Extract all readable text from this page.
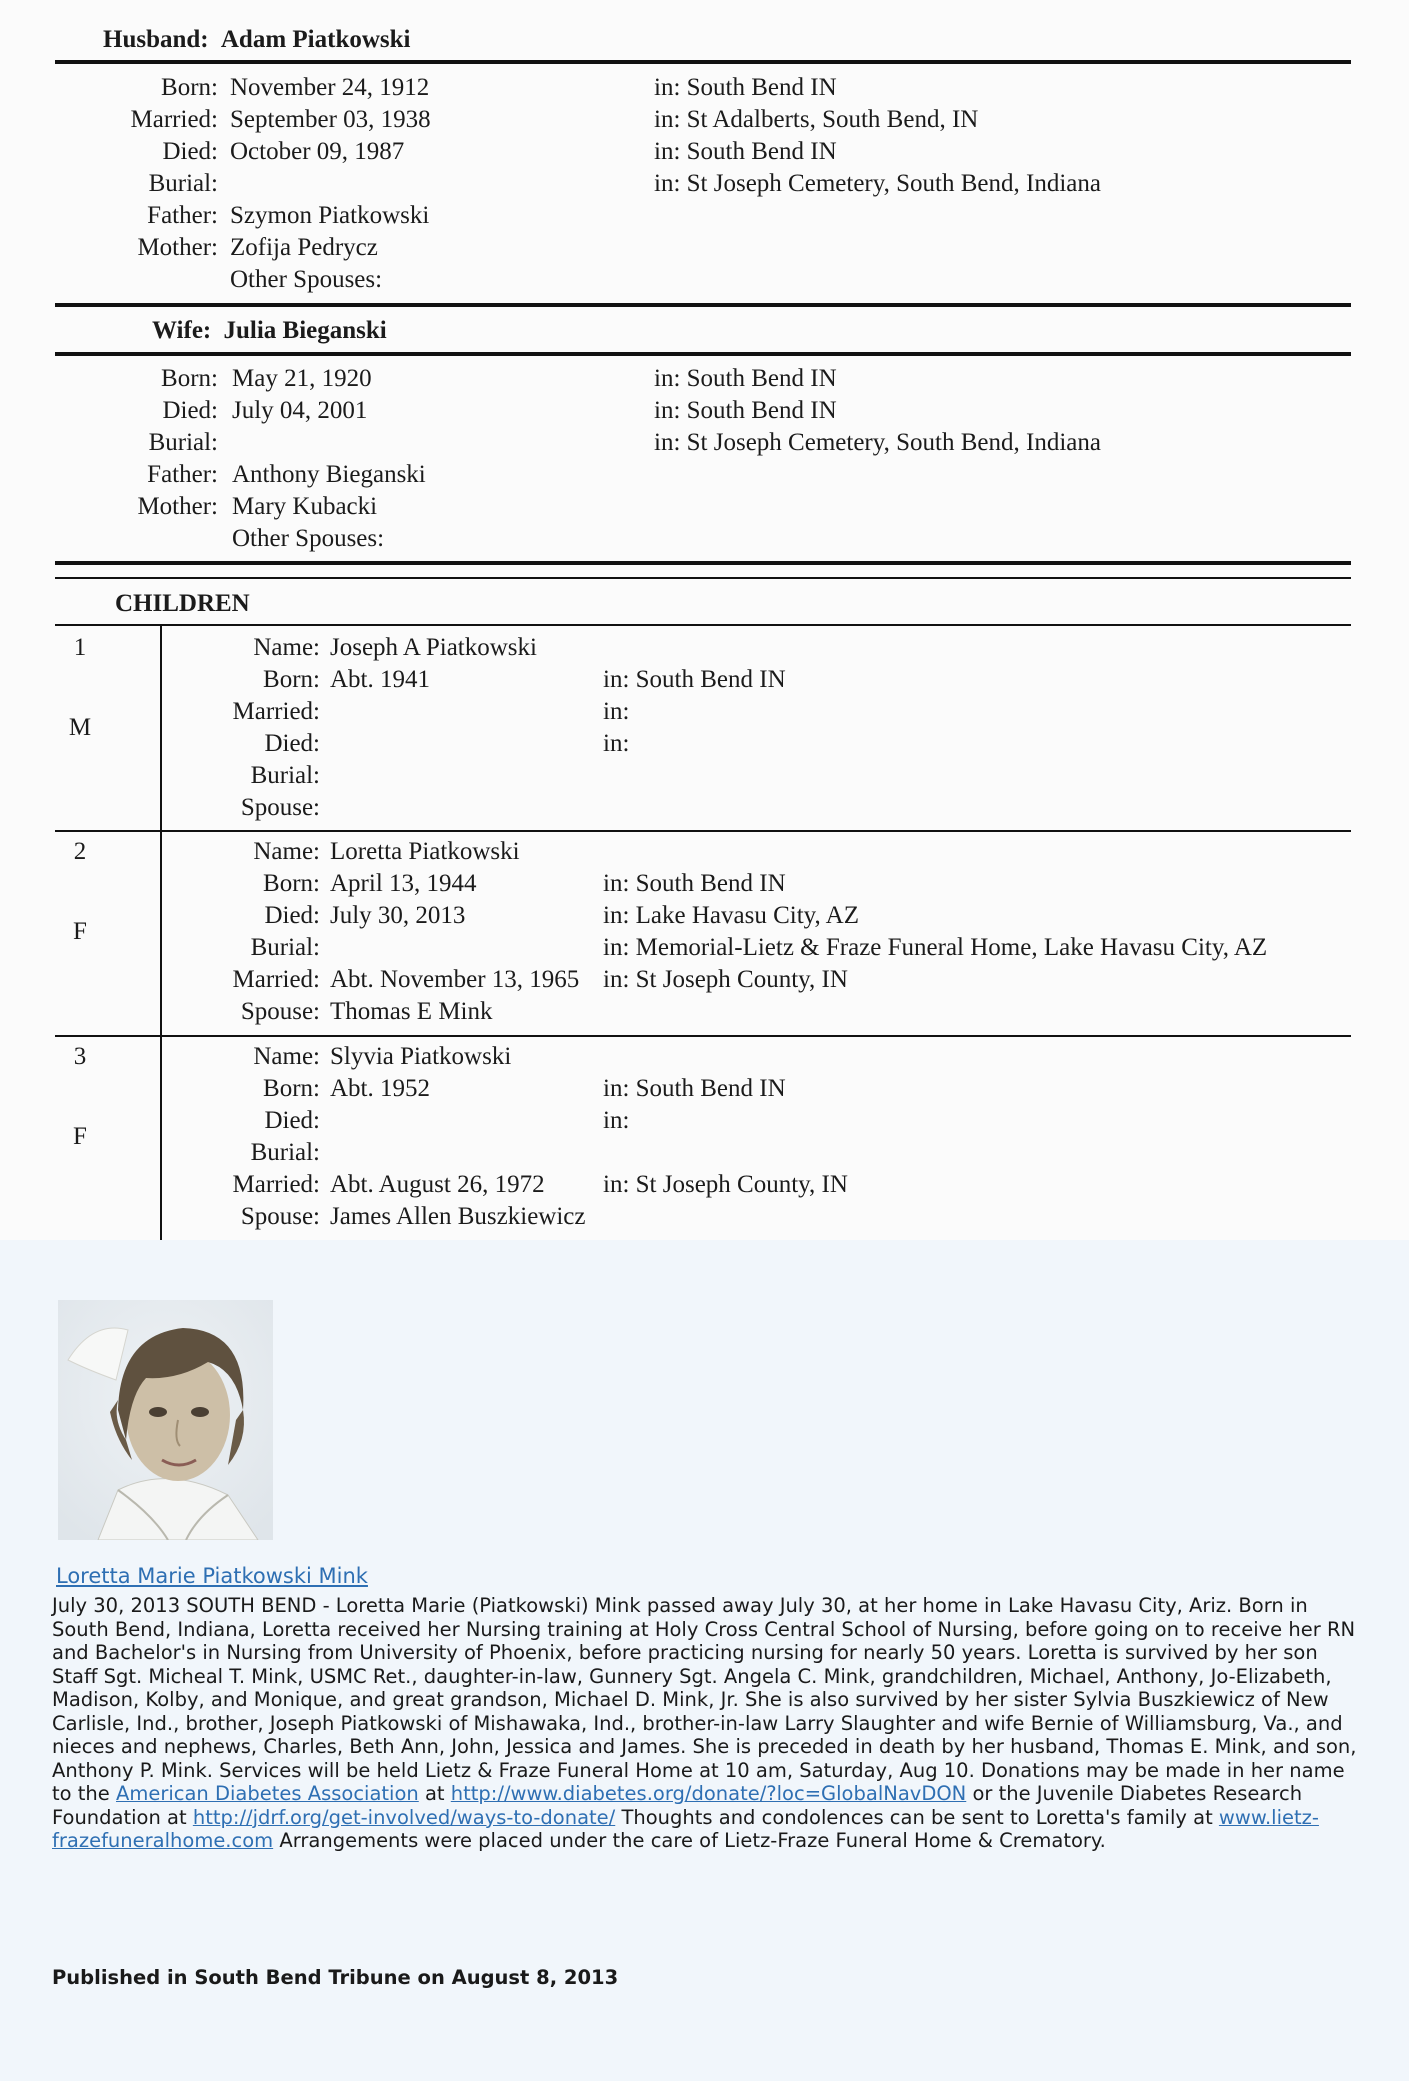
Husband: Adam Piatkowski
Born: November 24, 1912	in: South Bend IN
Married: September 03, 1938	in: St Adalberts, South Bend, IN
Died: October 09, 1987	in: South Bend IN
Burial:	in: St Joseph Cemetery, South Bend, Indiana
Father: Szymon Piatkowski
Mother: Zofija Pedrycz
Other Spouses:
Wife: Julia Bieganski
Born: May 21, 1920	in: South Bend IN
Died: July 04, 2001	in: South Bend IN
Burial:	in: St Joseph Cemetery, South Bend, Indiana
Father: Anthony Bieganski
Mother: Mary Kubacki
Other Spouses:
CHILDREN
1
M
Name: Joseph A Piatkowski
Born: Abt. 1941	in: South Bend IN
Married:	in:
Died:	in:
Burial:
Spouse:
2
F
Name: Loretta Piatkowski
Born: April 13, 1944	in: South Bend IN
Died: July 30, 2013	in: Lake Havasu City, AZ
Burial:	in: Memorial-Lietz & Fraze Funeral Home, Lake Havasu City, AZ
Married: Abt. November 13, 1965 in: St Joseph County, IN
Spouse: Thomas E Mink
3
F
Name: Slyvia Piatkowski
Born: Abt. 1952	in: South Bend IN
Died:	in:
Burial:
Married: Abt. August 26, 1972 in: St Joseph County, IN
Spouse: James Allen Buszkiewicz
Loretta Marie Piatkowski Mink
July 30, 2013 SOUTH BEND - Loretta Marie (Piatkowski) Mink passed away July 30, at her home in Lake Havasu City, Ariz. Born in South Bend, Indiana, Loretta received her Nursing training at Holy Cross Central School of Nursing, before going on to receive her RN and Bachelor's in Nursing from University of Phoenix, before practicing nursing for nearly 50 years. Loretta is survived by her son Staff Sgt. Micheal T. Mink, USMC Ret., daughter-in-law, Gunnery Sgt. Angela C. Mink, grandchildren, Michael, Anthony, Jo-Elizabeth, Madison, Kolby, and Monique, and great grandson, Michael D. Mink, Jr. She is also survived by her sister Sylvia Buszkiewicz of New Carlisle, Ind., brother, Joseph Piatkowski of Mishawaka, Ind., brother-in-law Larry Slaughter and wife Bernie of Williamsburg, Va., and nieces and nephews, Charles, Beth Ann, John, Jessica and James. She is preceded in death by her husband, Thomas E. Mink, and son, Anthony P. Mink. Services will be held Lietz & Fraze Funeral Home at 10 am, Saturday, Aug 10. Donations may be made in her name to the American Diabetes Association at http://www.diabetes.org/donate/?loc=GlobalNavDON or the Juvenile Diabetes Research Foundation at http://jdrf.org/get-involved/ways-to-donate/ Thoughts and condolences can be sent to Loretta's family at www.lietz-frazefuneralhome.com Arrangements were placed under the care of Lietz-Fraze Funeral Home & Crematory.
Published in South Bend Tribune on August 8, 2013
